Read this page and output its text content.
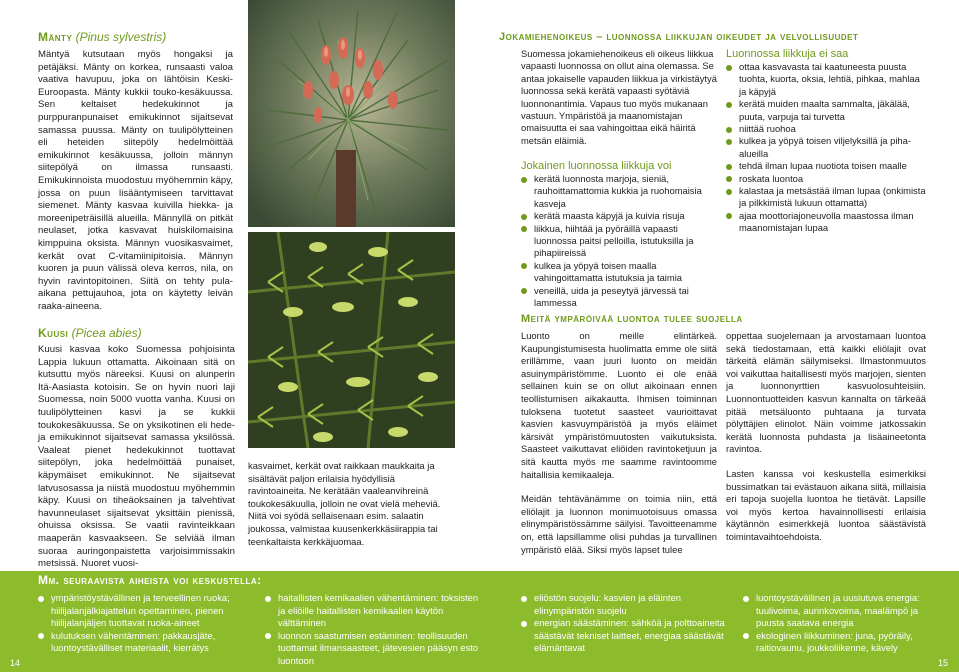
Mänty (Pinus sylvestris)

Mäntyä kutsutaan myös hongaksi ja petäjäksi. Mänty on korkea, runsaasti valoa vaativa havupuu, joka on lähtöisin Keski-Euroopasta. Mänty kukkii touko-kesäkuussa. Sen keltaiset hedekukinnot ja purppuranpunaiset emikukinnot sijaitsevat samassa puussa. Mänty on tuulipölytteinen eli heteiden siitepöly hedelmöittää emikukinnot kesäkuussa, jolloin männyn siitepölyä on ilmassa runsaasti. Emikukinnoista muodostuu myöhemmin käpy, jossa on puun lisääntymiseen tarvittavat siemenet. Mänty kasvaa kuivilla hiekka- ja moreenipeträisillä alueilla. Männyllä on pitkät neulaset, jotka kasvavat huiskilomaisina kimppuina oksista. Männyn vuosikasvaimet, kerkät ovat C-vitamiinipitoisia. Männyn kuoren ja puun välissä oleva kerros, nila, on hyvin ravintopitoinen. Siitä on tehty pula-aikana pettujauhoa, jota on käytetty leivän raaka-aineena.

Kuusi (Picea abies)

Kuusi kasvaa koko Suomessa pohjoisinta Lappia lukuun ottamatta. Aikoinaan sitä on kutsuttu myös näreeksi. Kuusi on alunperin Itä-Aasiasta kotoisin. Se on hyvin nuori laji Suomessa, noin 5000 vuotta vanha. Kuusi on tuulipölytteinen kasvi ja se kukkii toukokesäkuussa. Se on yksikotinen eli hede- ja emikukinnot sijaitsevat samassa yksilössä. Vaaleat pienet hedekukinnot tuottavat siitepölyn, joka hedelmöittää punaiset, käpymäiset emikukinnot. Ne sijaitsevat latvusosassa ja niistä muodostuu myöhemmin käpy. Kuusi on tiheäoksainen ja talvehtivat havunneulaset sijaitsevat yksittäin pienissä, ohuissa oksissa. Se vaatii ravinteikkaan maaperän kasvaakseen. Se selviää ilman suoraa auringonpaistetta varjoisimmissakin metsissä. Nuoret vuosi-

kasvaimet, kerkät ovat raikkaan maukkaita ja sisältävät paljon erilaisia hyödyllisiä ravintoaineita. Ne kerätään vaaleanvihreinä toukokesäkuulla, jolloin ne ovat vielä meheviä. Niitä voi syödä sellaisenaan esim. salaatin joukossa, valmistaa kuusenkerkkäsiirappia tai teenkaltaista kerkkäjuomaa.

Jokamiehenoikeus – luonnossa liikkujan oikeudet ja velvollisuudet

Suomessa jokamiehenoikeus eli oikeus liikkua vapaasti luonnossa on ollut aina olemassa. Se antaa jokaiselle vapauden liikkua ja virkistäytyä luonnossa sekä kerätä vapaasti syötäviä luonnonantimia. Vapaus tuo myös mukanaan vastuun. Ympäristöä ja maanomistajan omaisuutta ei saa vahingoittaa eikä häiritä metsän eläimiä.

Jokainen luonnossa liikkuja voi
kerätä luonnosta marjoja, sieniä, rauhoittamattomia kukkia ja ruohomaisia kasveja
kerätä maasta käpyjä ja kuivia risuja
liikkua, hiihtää ja pyöräillä vapaasti luonnossa paitsi pelloilla, istutuksilla ja pihapiireissä
kulkea ja yöpyä toisen maalla vahingoittamatta istutuksia ja taimia
veneillä, uida ja peseytyä järvessä tai lammessa
Luonnossa liikkuja ei saa
ottaa kasvavasta tai kaatuneesta puusta tuohta, kuorta, oksia, lehtiä, pihkaa, mahlaa ja käpyjä
kerätä muiden maalta sammalta, jäkälää, puuta, varpuja tai turvetta
niittää ruohoa
kulkea ja yöpyä toisen viljelyksillä ja piha-alueilla
tehdä ilman lupaa nuotiota toisen maalle
roskata luontoa
kalastaa ja metsästää ilman lupaa (onkimista ja pilkkimistä lukuun ottamatta)
ajaa moottoriajoneuvolla maastossa ilman maanomistajan lupaa
Meitä ympäröivää luontoa tulee suojella

Luonto on meille elintärkeä. Kaupungistumisesta huolimatta emme ole siitä erillämme, vaan juuri luonto on meidän asuinympäristömme. Luonto ei ole enää sellainen kuin se on ollut aikoinaan ennen teollistumisen aikakautta. Ihmisen toiminnan tuloksena tuotetut saasteet vaurioittavat kasvien kasvuympäristöä ja myös eläimet kärsivät ympäristömuutosten vaikutuksista. Saasteet vaikuttavat eliöiden ravintoketjuun ja sitä kautta myös me saamme ravintoomme haitallisia kemikaaleja.

Meidän tehtävänämme on toimia niin, että eliölajit ja luonnon monimuotoisuus omassa elinympäristössämme säilyisi. Tavoitteenamme on, että lapsillamme olisi puhdas ja turvallinen ympäristö elää. Siksi myös lapset tulee

oppettaa suojelemaan ja arvostamaan luontoa sekä tiedostamaan, että kaikki eliölajit ovat tärkeitä elämän säilymiseksi. Ilmastonmuutos voi vaikuttaa haitallisesti myös marjojen, sienten ja luonnonyrttien kasvuolosuhteisiin. Luonnontuotteiden kasvun kannalta on tärkeää pitää metsäluonto puhtaana ja turvata pölyttäjien elinolot. Näin voimme jatkossakin kerätä luonnosta puhdasta ja lisäaineetonta ravintoa.

Lasten kanssa voi keskustella esimerkiksi bussimatkan tai evästauon aikana siitä, millaisia eri tapoja suojella luontoa he tietävät. Lapsille voi myös kertoa havainnollisesti erilaisia käytännön esimerkkejä luontoa säästävistä toimintavaihtoehdoista.

Mm. seuraavista aiheista voi keskustella:
ympäristöystävällinen ja terveellinen ruoka; hiilijalanjälkiajattelun opettaminen, pienen hiilijalanjäljen tuottavat ruoka-aineet
kulutuksen vähentäminen: pakkausjäte, luontoystävälliset materiaalit, kierrätys
haitallisten kemikaalien vähentäminen: toksisten ja eliöille haitallisten kemikaalien käytön välttäminen
luonnon saastumisen estäminen: teollisuuden tuottamat ilmansaasteet, jätevesien pääsyn esto luontoon
eliöstön suojelu: kasvien ja eläinten elinympäristön suojelu
energian säästäminen: sähköä ja polttoaineita säästävät tekniset laitteet, energiaa säästävät elämäntavat
luontoystävällinen ja uusiutuva energia: tuulivoima, aurinkovoima, maalämpö ja puusta saatava energia
ekologinen liikkuminen: juna, pyöräily, raitiovaunu, joukkoliikenne, kävely
14	15
